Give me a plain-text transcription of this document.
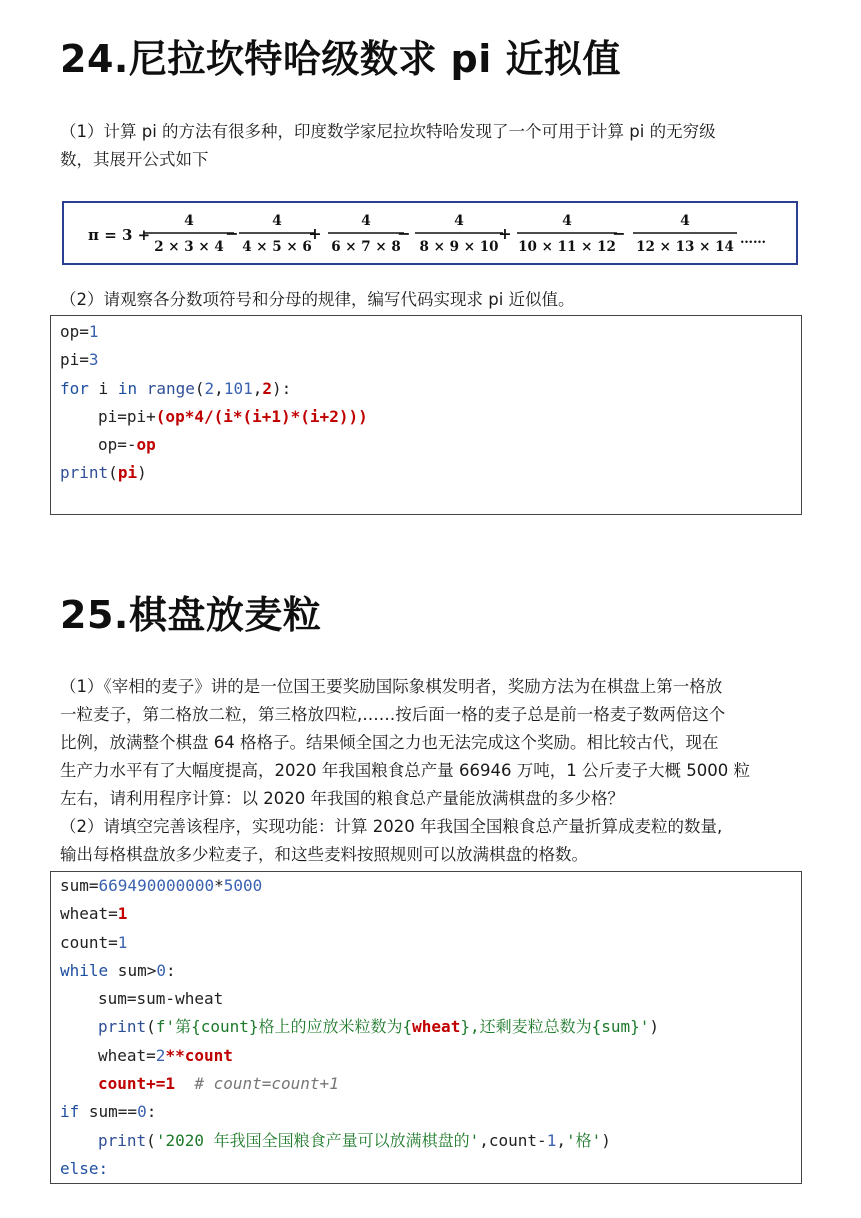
24.尼拉坎特哈级数求 pi 近拟值

（1）计算 pi 的方法有很多种，印度数学家尼拉坎特哈发现了一个可用于计算 pi 的无穷级
数，其展开公式如下

π = 3 +
4
2 × 3 × 4
−
4
4 × 5 × 6
+
4
6 × 7 × 8
−
4
8 × 9 × 10
+
4
10 × 11 × 12
−
4
12 × 13 × 14 ……

（2）请观察各分数项符号和分母的规律，编写代码实现求 pi 近似值。

op=1
pi=3
for i in range(2,101,2):
pi=pi+(op*4/(i*(i+1)*(i+2)))
op=-op
print(pi)
25.棋盘放麦粒

（1）《宰相的麦子》讲的是一位国王要奖励国际象棋发明者，奖励方法为在棋盘上第一格放
一粒麦子，第二格放二粒，第三格放四粒,……按后面一格的麦子总是前一格麦子数两倍这个
比例，放满整个棋盘 64 格格子。结果倾全国之力也无法完成这个奖励。相比较古代，现在
生产力水平有了大幅度提高，2020 年我国粮食总产量 66946 万吨，1 公斤麦子大概 5000 粒
左右，请利用程序计算：以 2020 年我国的粮食总产量能放满棋盘的多少格？
（2）请填空完善该程序，实现功能：计算 2020 年我国全国粮食总产量折算成麦粒的数量,
输出每格棋盘放多少粒麦子，和这些麦料按照规则可以放满棋盘的格数。

sum=669490000000*5000
wheat=1
count=1
while sum>0:
sum=sum-wheat
print(f'第{count}格上的应放米粒数为{wheat},还剩麦粒总数为{sum}')
wheat=2**count
count+=1 # count=count+1
if sum==0:
print('2020 年我国全国粮食产量可以放满棋盘的',count-1,'格')
else:
